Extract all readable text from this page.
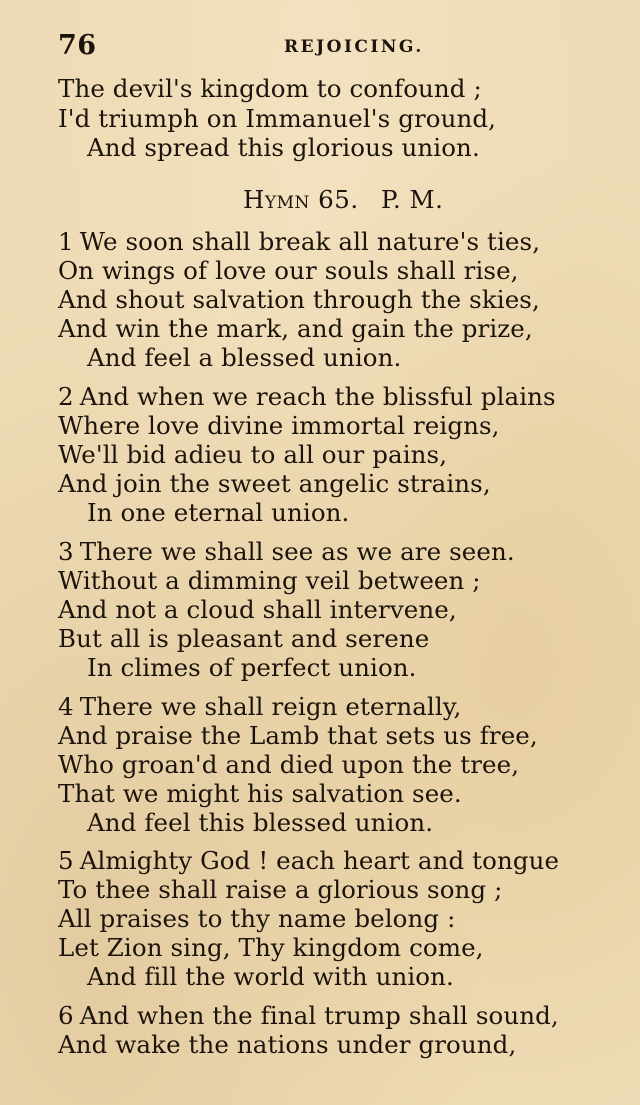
76	REJOICING.
The devil's kingdom to confound ;
I'd triumph on Immanuel's ground,
And spread this glorious union.
Hymn 65. P. M.
1 We soon shall break all nature's ties,
On wings of love our souls shall rise,
And shout salvation through the skies,
And win the mark, and gain the prize,
And feel a blessed union.
2 And when we reach the blissful plains
Where love divine immortal reigns,
We'll bid adieu to all our pains,
And join the sweet angelic strains,
In one eternal union.
3 There we shall see as we are seen.
Without a dimming veil between ;
And not a cloud shall intervene,
But all is pleasant and serene
In climes of perfect union.
4 There we shall reign eternally,
And praise the Lamb that sets us free,
Who groan'd and died upon the tree,
That we might his salvation see.
And feel this blessed union.
5 Almighty God ! each heart and tongue
To thee shall raise a glorious song ;
All praises to thy name belong :
Let Zion sing, Thy kingdom come,
And fill the world with union.
6 And when the final trump shall sound,
And wake the nations under ground,
